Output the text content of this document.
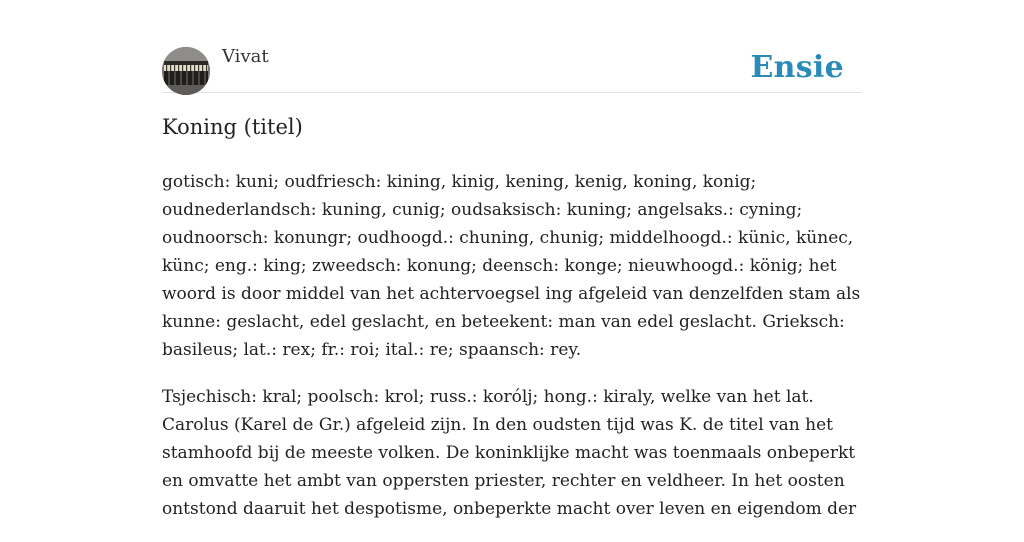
Vivat	Ensie
Koning (titel)

gotisch: kuni; oudfriesch: kining, kinig, kening, kenig, koning, konig; oudnederlandsch: kuning, cunig; oudsaksisch: kuning; angelsaks.: cyning; oudnoorsch: konungr; oudhoogd.: chuning, chunig; middelhoogd.: künic, künec, künc; eng.: king; zweedsch: konung; deensch: konge; nieuwhoogd.: könig; het woord is door middel van het achtervoegsel ing afgeleid van denzelfden stam als kunne: geslacht, edel geslacht, en beteekent: man van edel geslacht. Grieksch: basileus; lat.: rex; fr.: roi; ital.: re; spaansch: rey.

Tsjechisch: kral; poolsch: krol; russ.: korólj; hong.: kiraly, welke van het lat. Carolus (Karel de Gr.) afgeleid zijn. In den oudsten tijd was K. de titel van het stamhoofd bij de meeste volken. De koninklijke macht was toenmaals onbeperkt en omvatte het ambt van oppersten priester, rechter en veldheer. In het oosten ontstond daaruit het despotisme, onbeperkte macht over leven en eigendom der
